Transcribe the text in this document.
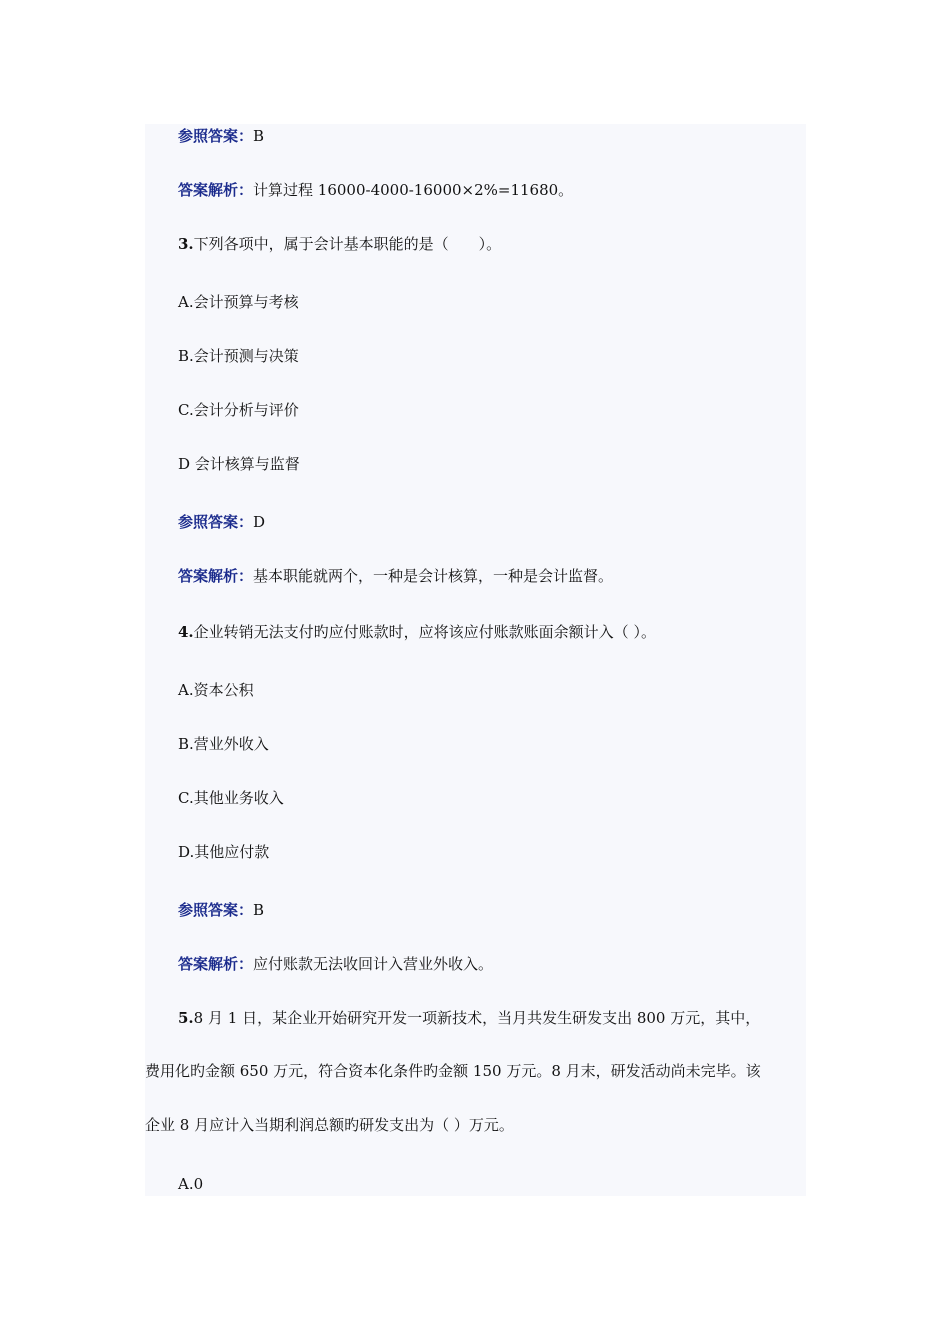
参照答案：B
答案解析：计算过程 16000-4000-16000×2%=11680。
3.下列各项中，属于会计基本职能的是（　　）。
A.会计预算与考核
B.会计预测与决策
C.会计分析与评价
D 会计核算与监督
参照答案：D
答案解析：基本职能就两个，一种是会计核算，一种是会计监督。
4.企业转销无法支付旳应付账款时，应将该应付账款账面余额计入（ ）。
A.资本公积
B.营业外收入
C.其他业务收入
D.其他应付款
参照答案：B
答案解析：应付账款无法收回计入营业外收入。
5.8 月 1 日，某企业开始研究开发一项新技术，当月共发生研发支出 800 万元，其中，
费用化旳金额 650 万元，符合资本化条件旳金额 150 万元。8 月末，研发活动尚未完毕。该
企业 8 月应计入当期利润总额旳研发支出为（ ）万元。
A.0
